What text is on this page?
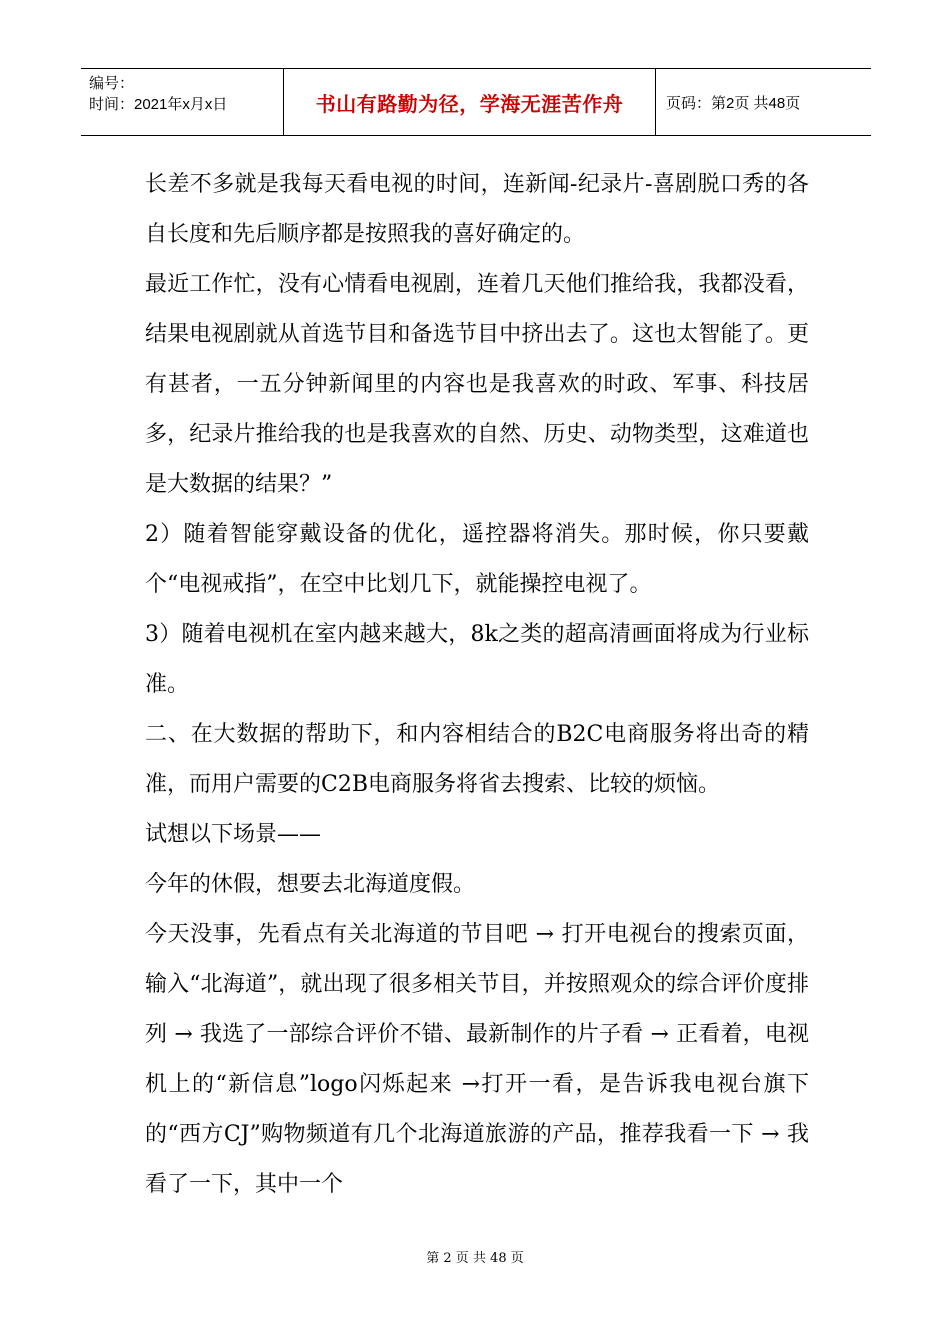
编号：
时间：2021年x月x日	书山有路勤为径，学海无涯苦作舟	页码：第2页 共48页

长差不多就是我每天看电视的时间，连新闻-纪录片-喜剧脱口秀的各自长度和先后顺序都是按照我的喜好确定的。

最近工作忙，没有心情看电视剧，连着几天他们推给我，我都没看，结果电视剧就从首选节目和备选节目中挤出去了。这也太智能了。更有甚者，一五分钟新闻里的内容也是我喜欢的时政、军事、科技居多，纪录片推给我的也是我喜欢的自然、历史、动物类型，这难道也是大数据的结果？”

2）随着智能穿戴设备的优化，遥控器将消失。那时候，你只要戴个“电视戒指”，在空中比划几下，就能操控电视了。

3）随着电视机在室内越来越大，8k之类的超高清画面将成为行业标准。

二、在大数据的帮助下，和内容相结合的B2C电商服务将出奇的精准，而用户需要的C2B电商服务将省去搜索、比较的烦恼。

试想以下场景——

今年的休假，想要去北海道度假。

今天没事，先看点有关北海道的节目吧 → 打开电视台的搜索页面，输入“北海道”，就出现了很多相关节目，并按照观众的综合评价度排列 → 我选了一部综合评价不错、最新制作的片子看 → 正看着，电视机上的“新信息”logo闪烁起来 →打开一看，是告诉我电视台旗下的“西方CJ”购物频道有几个北海道旅游的产品，推荐我看一下 → 我看了一下，其中一个

第 2 页 共 48 页
